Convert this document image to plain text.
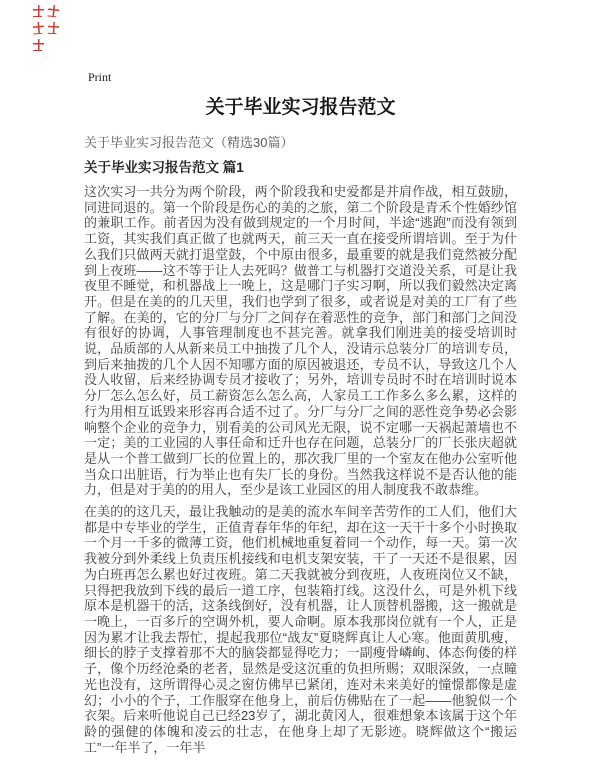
Print
关于毕业实习报告范文

关于毕业实习报告范文（精选30篇）

关于毕业实习报告范文 篇1

这次实习一共分为两个阶段，两个阶段我和史爱都是并肩作战，相互鼓励，同进同退的。第一个阶段是伤心的美的之旅，第二个阶段是青禾个性婚纱馆的兼职工作。前者因为没有做到规定的一个月时间，半途“逃跑”而没有领到工资，其实我们真正做了也就两天，前三天一直在接受所谓培训。至于为什么我们只做两天就打退堂鼓，个中原由很多，最重要的就是我们竟然被分配到上夜班——这不等于让人去死吗？做普工与机器打交道没关系，可是让我夜里不睡觉，和机器战上一晚上，这是哪门子实习啊，所以我们毅然决定离开。但是在美的的几天里，我们也学到了很多，或者说是对美的工厂有了些了解。在美的，它的分厂与分厂之间存在着恶性的竞争，部门和部门之间没有很好的协调，人事管理制度也不甚完善。就拿我们刚进美的接受培训时说，品质部的人从新来员工中抽拨了几个人，没请示总装分厂的培训专员，到后来抽拨的几个人因不知哪方面的原因被退还，专员不认，导致这几个人没人收留，后来经协调专员才接收了；另外，培训专员时不时在培训时说本分厂怎么怎么好，员工薪资怎么怎么高，人家员工工作多么多么累，这样的行为用相互诋毁来形容再合适不过了。分厂与分厂之间的恶性竞争势必会影响整个企业的竞争力，别看美的公司风光无限，说不定哪一天祸起萧墙也不一定；美的工业园的人事任命和迁升也存在问题，总装分厂的厂长张庆超就是从一个普工做到厂长的位置上的，那次我厂里的一个室友在他办公室听他当众口出脏语，行为举止也有失厂长的身份。当然我这样说不是否认他的能力，但是对于美的的用人，至少是该工业园区的用人制度我不敢恭维。

在美的的这几天，最让我触动的是美的流水车间辛苦劳作的工人们，他们大都是中专毕业的学生，正值青春年华的年纪，却在这一天干十多个小时换取一个月一千多的微薄工资，他们机械地重复着同一个动作，每一天。第一次我被分到外柔线上负责压机接线和电机支架安装，干了一天还不是很累，因为白班再怎么累也好过夜班。第二天我就被分到夜班，人夜班岗位又不缺，只得把我放到下线的最后一道工序，包装箱打线。这没什么，可是外机下线原本是机器干的活，这条线倒好，没有机器，让人顶替机器搬，这一搬就是一晚上，一百多斤的空调外机，要人命啊。原本我那岗位就有一个人，正是因为累才让我去帮忙，提起我那位“战友”夏晓辉真让人心寒。他面黄肌瘦，细长的脖子支撑着那不大的脑袋都显得吃力；一副瘦骨嶙峋、体态佝偻的样子，像个历经沧桑的老者，显然是受这沉重的负担所赐；双眼深敛，一点瞳光也没有，这所谓得心灵之窗仿佛早已紧闭，连对未来美好的憧憬都像是虚幻；小小的个子，工作服穿在他身上，前后仿佛贴在了一起——他貌似一个衣架。后来听他说自己已经23岁了，湖北黄冈人，很难想象本该属于这个年龄的强健的体魄和凌云的壮志，在他身上却了无影迹。晓辉做这个“搬运工”一年半了，一年半
